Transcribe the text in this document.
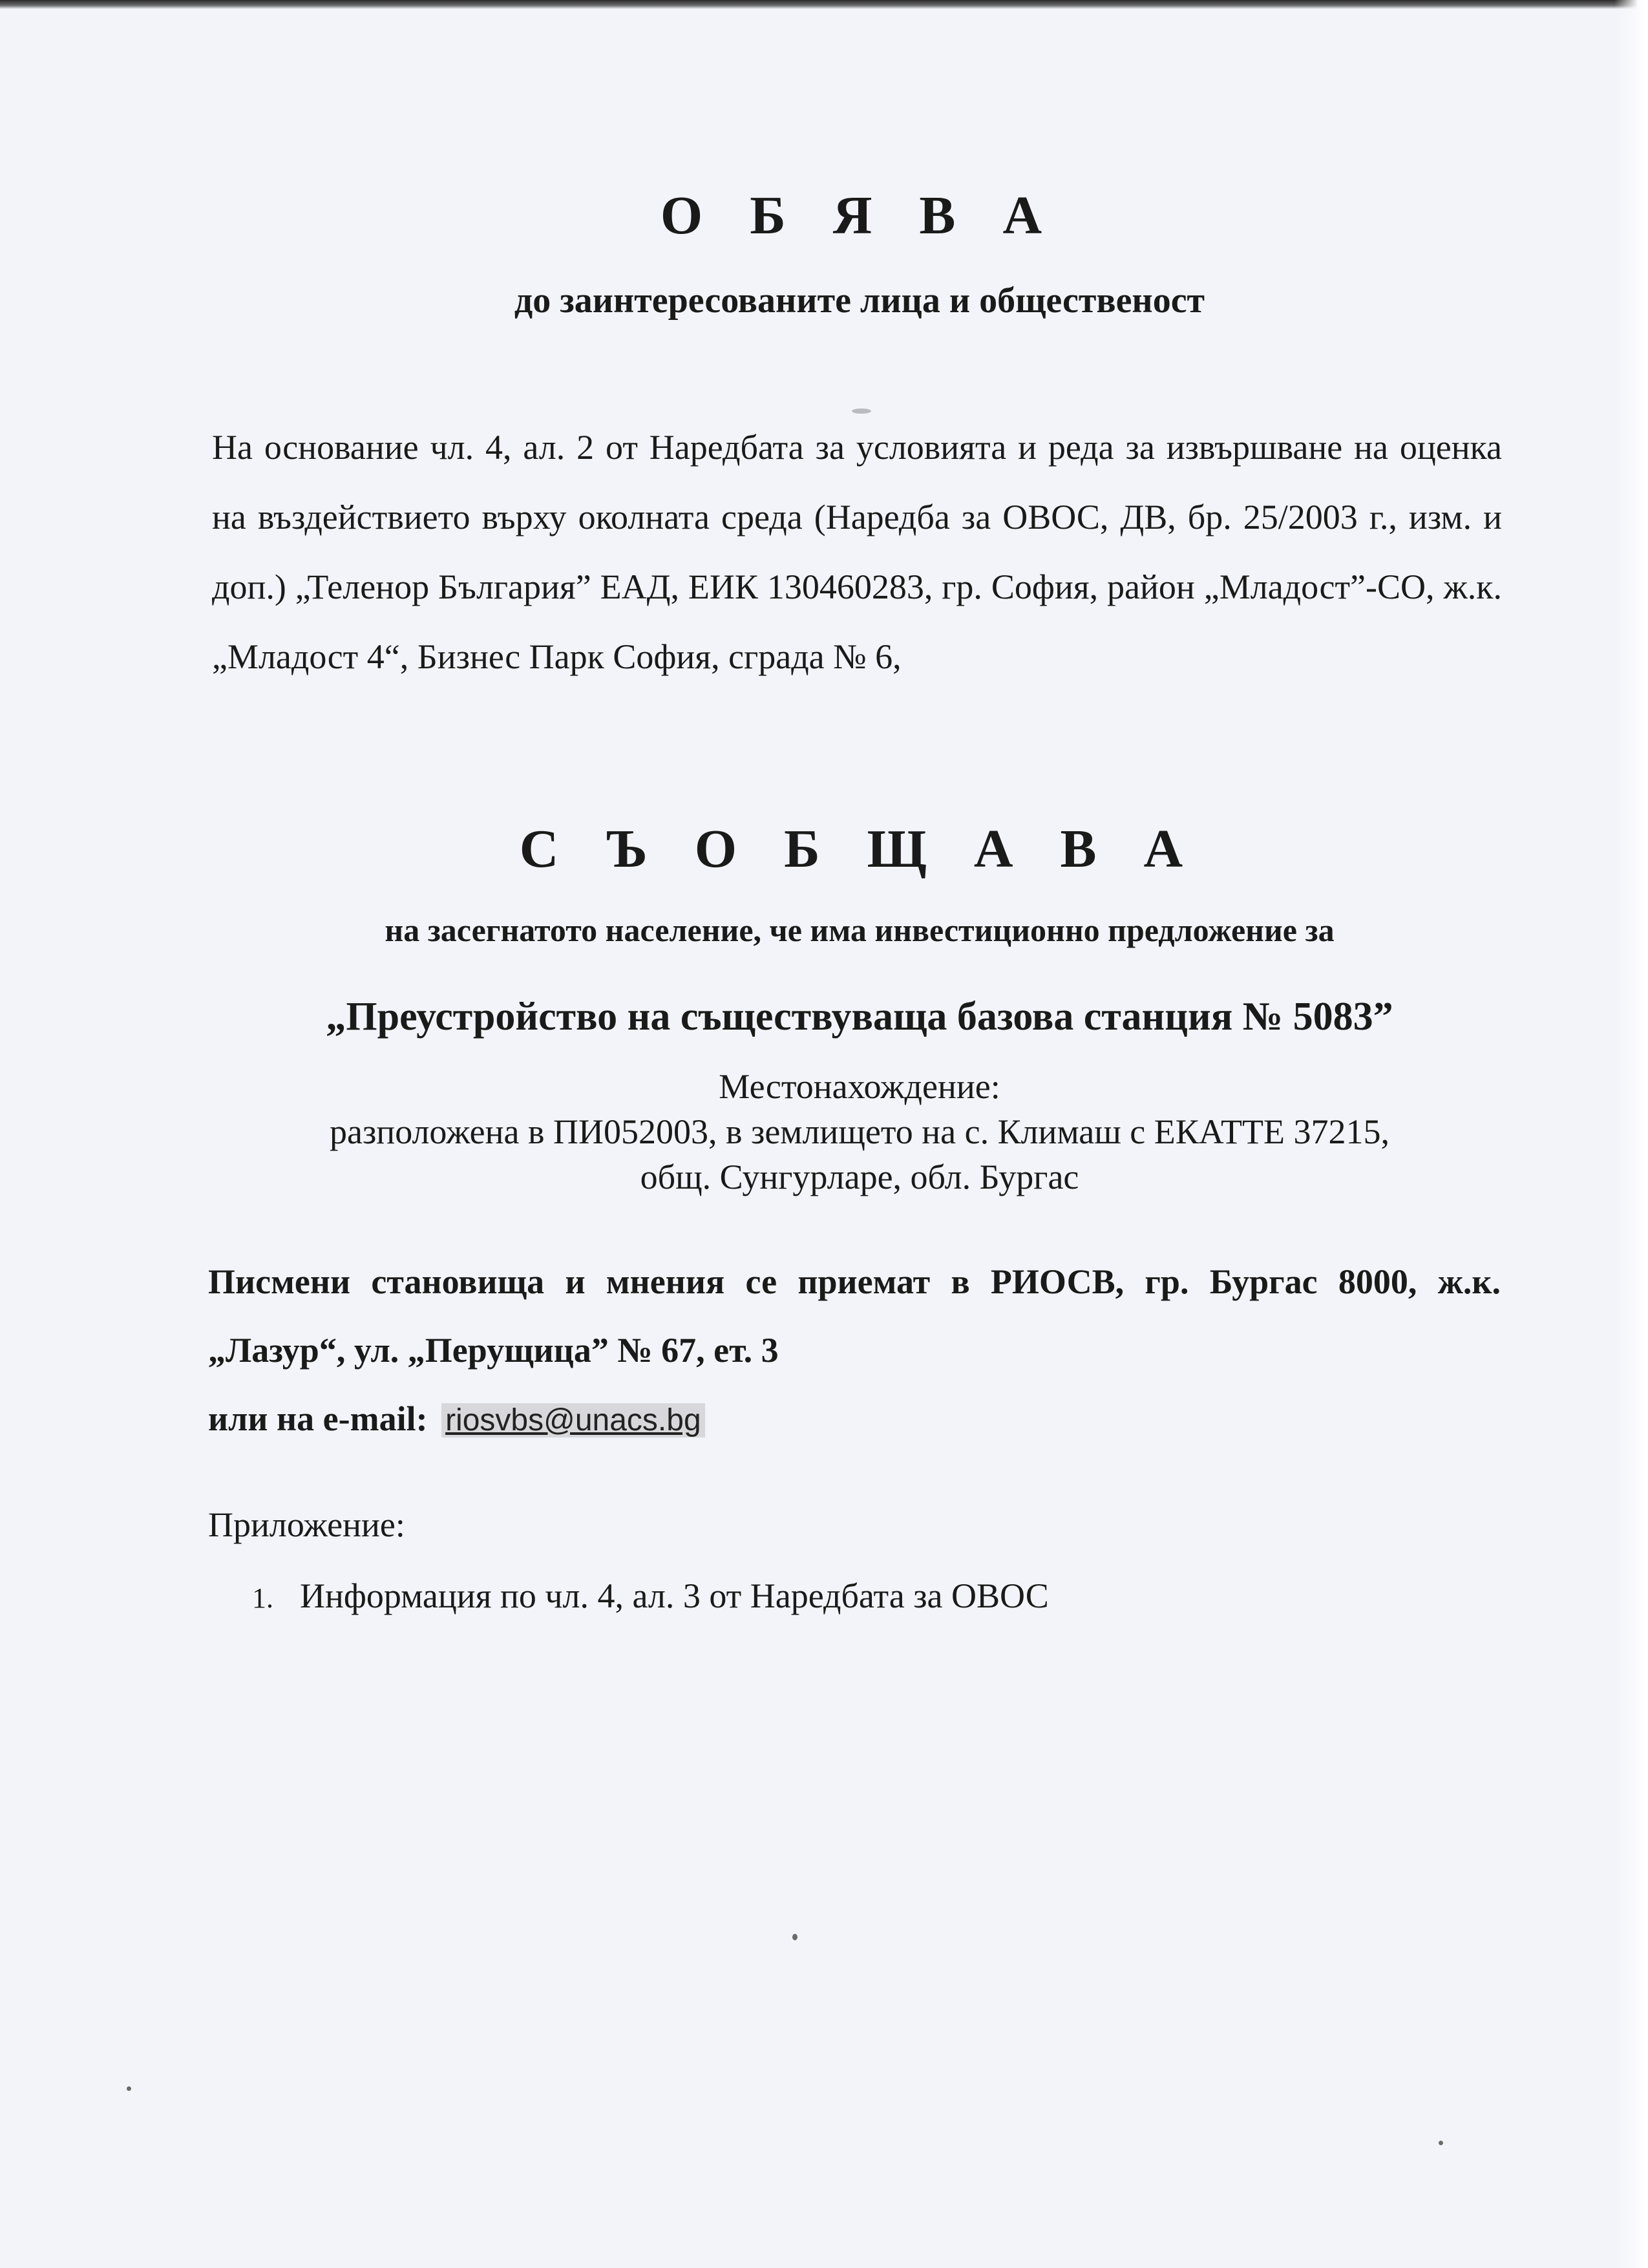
О Б Я В А
до заинтересованите лица и общественост
На основание чл. 4, ал. 2 от Наредбата за условията и реда за извършване на оценка на въздействието върху околната среда (Наредба за ОВОС, ДВ, бр. 25/2003 г., изм. и доп.) „Теленор България” ЕАД, ЕИК 130460283, гр. София, район „Младост”-СО, ж.к. „Младост 4“, Бизнес Парк София, сграда № 6,
С Ъ О Б Щ А В А
на засегнатото население, че има инвестиционно предложение за
„Преустройство на съществуваща базова станция № 5083”
Местонахождение:
разположена в ПИ052003, в землището на с. Климаш с ЕКАТТЕ 37215,
общ. Сунгурларе, обл. Бургас
Писмени становища и мнения се приемат в РИОСВ, гр. Бургас 8000, ж.к.
„Лазур“, ул. „Перущица” № 67, ет. 3
или на e-mail: riosvbs@unacs.bg
Приложение:
1. Информация по чл. 4, ал. 3 от Наредбата за ОВОС
